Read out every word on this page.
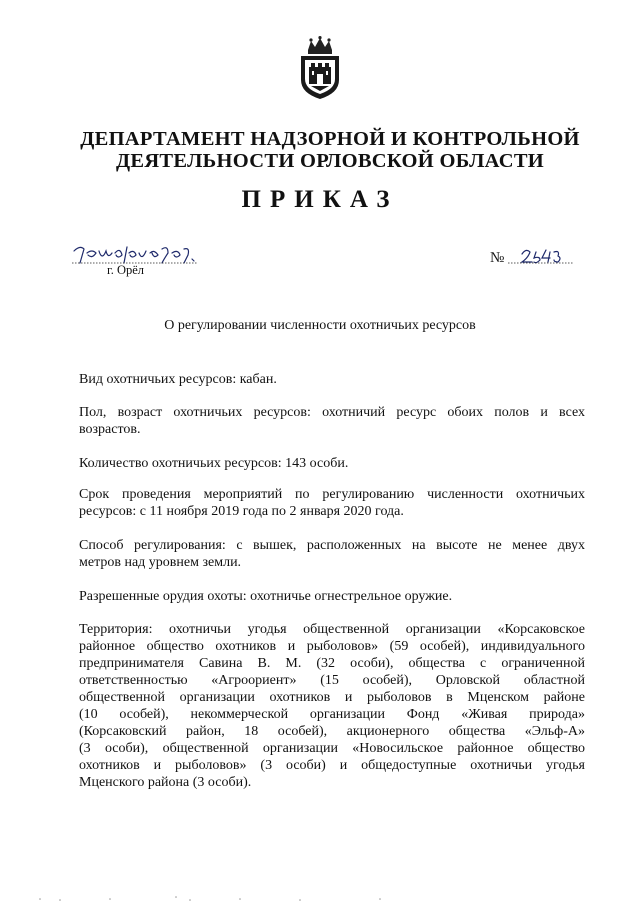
ДЕПАРТАМЕНТ НАДЗОРНОЙ И КОНТРОЛЬНОЙ
ДЕЯТЕЛЬНОСТИ ОРЛОВСКОЙ ОБЛАСТИ
ПРИКАЗ
г. Орёл
№
О регулировании численности охотничьих ресурсов
Вид охотничьих ресурсов: кабан.
Пол, возраст охотничьих ресурсов: охотничий ресурс обоих полов и всех
возрастов.
Количество охотничьих ресурсов: 143 особи.
Срок проведения мероприятий по регулированию численности охотничьих
ресурсов: с 11 ноября 2019 года по 2 января 2020 года.
Способ регулирования: с вышек, расположенных на высоте не менее двух
метров над уровнем земли.
Разрешенные орудия охоты: охотничье огнестрельное оружие.
Территория: охотничьи угодья общественной организации «Корсаковское
районное общество охотников и рыболовов» (59 особей), индивидуального
предпринимателя Савина В. М. (32 особи), общества с ограниченной
ответственностью «Агроориент» (15 особей), Орловской областной
общественной организации охотников и рыболовов в Мценском районе
(10 особей), некоммерческой организации Фонд «Живая природа»
(Корсаковский район, 18 особей), акционерного общества «Эльф-А»
(3 особи), общественной организации «Новосильское районное общество
охотников и рыболовов» (3 особи) и общедоступные охотничьи угодья
Мценского района (3 особи).
